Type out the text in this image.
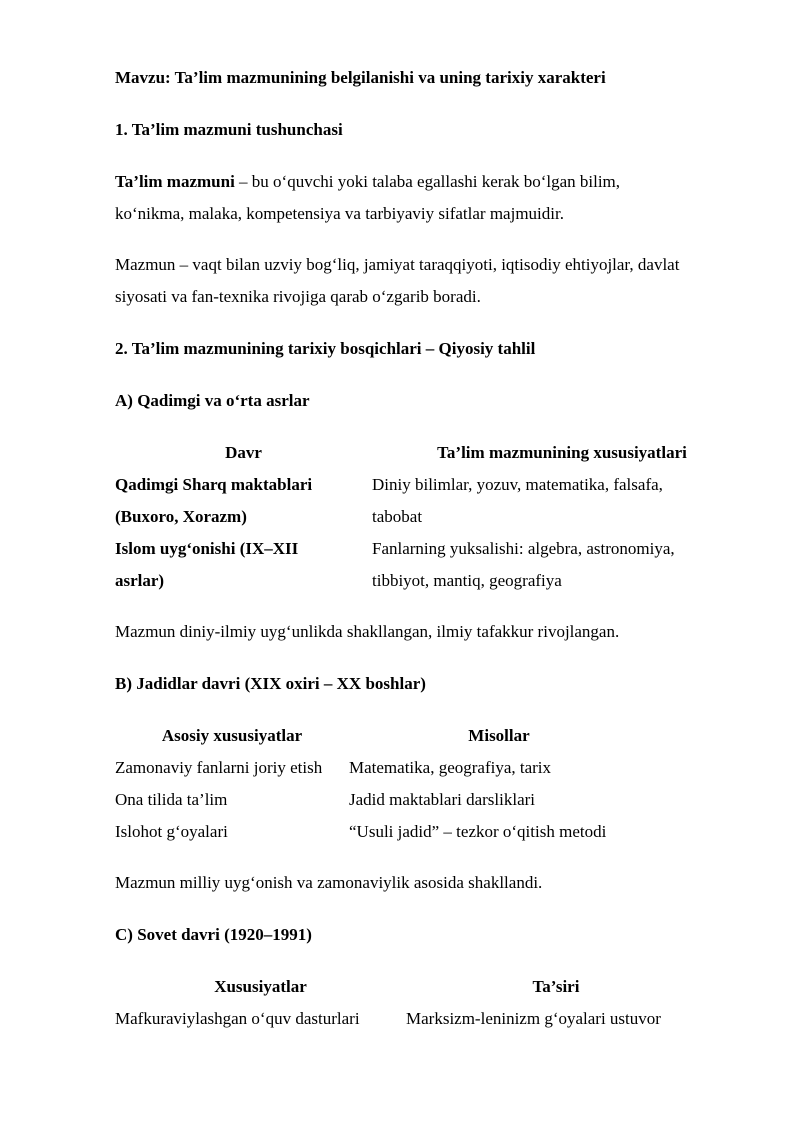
Mavzu: Ta’lim mazmunining belgilanishi va uning tarixiy xarakteri

1. Ta’lim mazmuni tushunchasi

Ta’lim mazmuni – bu o‘quvchi yoki talaba egallashi kerak bo‘lgan bilim,
ko‘nikma, malaka, kompetensiya va tarbiyaviy sifatlar majmuidir.

Mazmun – vaqt bilan uzviy bog‘liq, jamiyat taraqqiyoti, iqtisodiy ehtiyojlar, davlat
siyosati va fan-texnika rivojiga qarab o‘zgarib boradi.

2. Ta’lim mazmunining tarixiy bosqichlari – Qiyosiy tahlil

A) Qadimgi va o‘rta asrlar

Davr	Ta’lim mazmunining xususiyatlari
Qadimgi Sharq maktablari
(Buxoro, Xorazm)	Diniy bilimlar, yozuv, matematika, falsafa,
tabobat
Islom uyg‘onishi (IX–XII
asrlar)	Fanlarning yuksalishi: algebra, astronomiya,
tibbiyot, mantiq, geografiya

Mazmun diniy-ilmiy uyg‘unlikda shakllangan, ilmiy tafakkur rivojlangan.

B) Jadidlar davri (XIX oxiri – XX boshlar)

Asosiy xususiyatlar	Misollar
Zamonaviy fanlarni joriy etish	Matematika, geografiya, tarix
Ona tilida ta’lim	Jadid maktablari darsliklari
Islohot g‘oyalari	“Usuli jadid” – tezkor o‘qitish metodi

Mazmun milliy uyg‘onish va zamonaviylik asosida shakllandi.

C) Sovet davri (1920–1991)

Xususiyatlar	Ta’siri
Mafkuraviylashgan o‘quv dasturlari	Marksizm-leninizm g‘oyalari ustuvor
